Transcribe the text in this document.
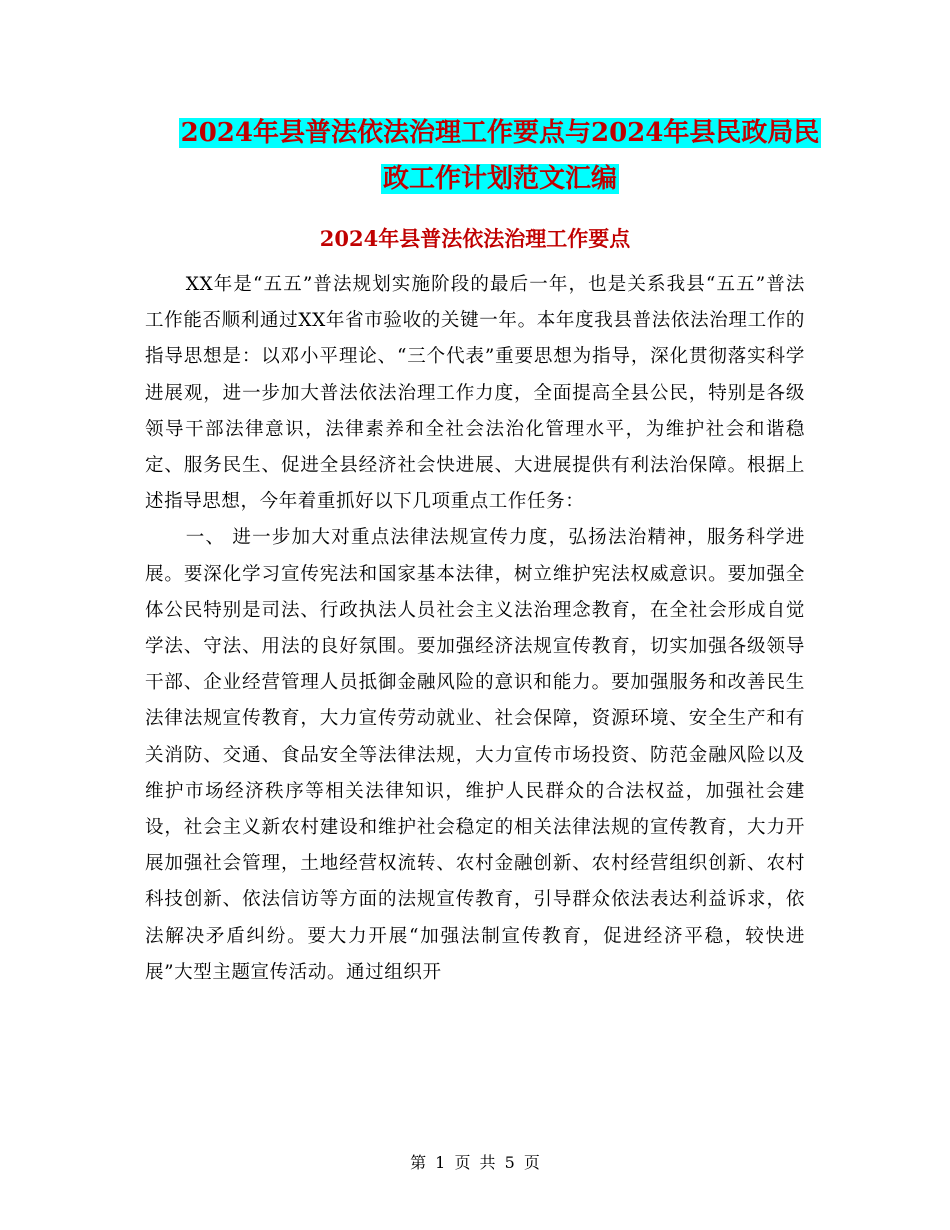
2024年县普法依法治理工作要点与2024年县民政局民
政工作计划范文汇编
2024年县普法依法治理工作要点

XX年是“五五”普法规划实施阶段的最后一年，也是关系我县“五五”普法工作能否顺利通过XX年省市验收的关键一年。本年度我县普法依法治理工作的指导思想是：以邓小平理论、“三个代表”重要思想为指导，深化贯彻落实科学进展观，进一步加大普法依法治理工作力度，全面提高全县公民，特别是各级领导干部法律意识，法律素养和全社会法治化管理水平，为维护社会和谐稳定、服务民生、促进全县经济社会快进展、大进展提供有利法治保障。根据上述指导思想，今年着重抓好以下几项重点工作任务：

一、 进一步加大对重点法律法规宣传力度，弘扬法治精神，服务科学进展。要深化学习宣传宪法和国家基本法律，树立维护宪法权威意识。要加强全体公民特别是司法、行政执法人员社会主义法治理念教育，在全社会形成自觉学法、守法、用法的良好氛围。要加强经济法规宣传教育，切实加强各级领导干部、企业经营管理人员抵御金融风险的意识和能力。要加强服务和改善民生法律法规宣传教育，大力宣传劳动就业、社会保障，资源环境、安全生产和有关消防、交通、食品安全等法律法规，大力宣传市场投资、防范金融风险以及维护市场经济秩序等相关法律知识，维护人民群众的合法权益，加强社会建设，社会主义新农村建设和维护社会稳定的相关法律法规的宣传教育，大力开展加强社会管理，土地经营权流转、农村金融创新、农村经营组织创新、农村科技创新、依法信访等方面的法规宣传教育，引导群众依法表达利益诉求，依法解决矛盾纠纷。要大力开展“加强法制宣传教育，促进经济平稳，较快进展”大型主题宣传活动。通过组织开

第 1 页 共 5 页
